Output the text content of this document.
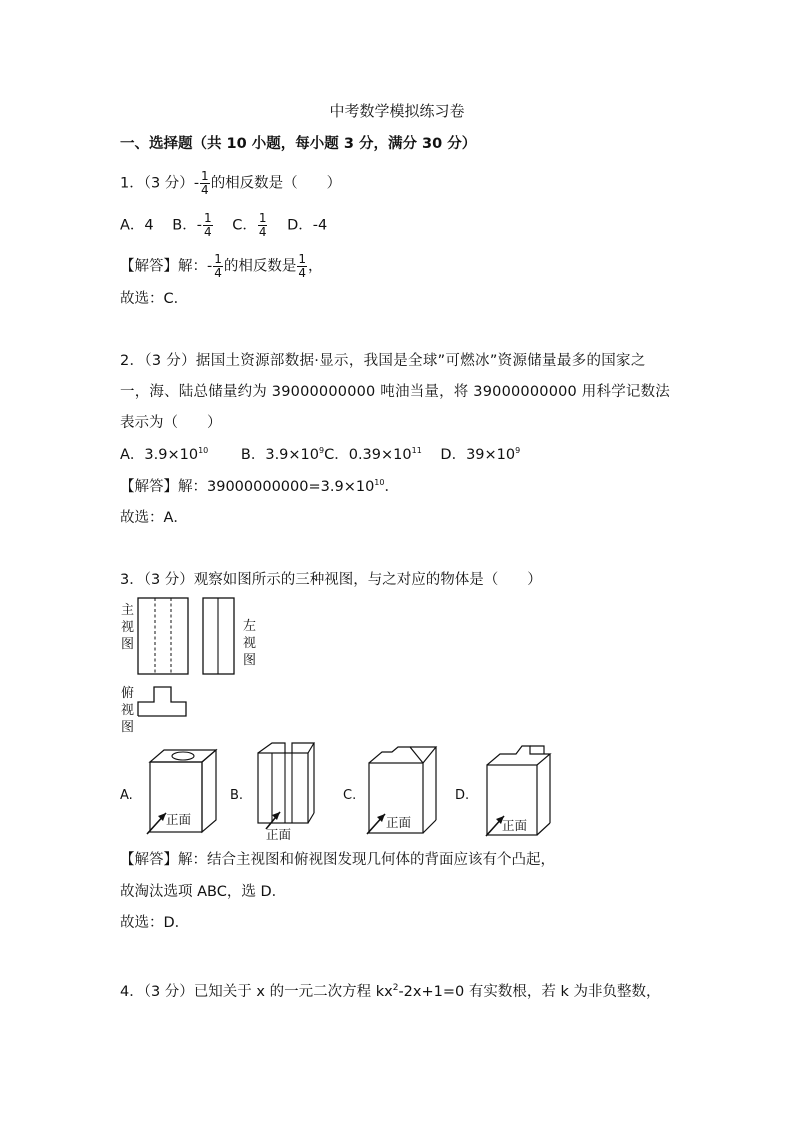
中考数学模拟练习卷
一、选择题（共 10 小题，每小题 3 分，满分 30 分）
1．（3 分）- $\frac{1}{4}$ 的相反数是（　　）
A．4 B．- $\frac{1}{4}$ C． $\frac{1}{4}$ D．-4
【解答】解：- $\frac{1}{4}$ 的相反数是 $\frac{1}{4}$ ，
故选：C．
2．（3 分）据国土资源部数据·显示，我国是全球”可燃冰”资源储量最多的国家之
一，海、陆总储量约为 39000000000 吨油当量，将 39000000000 用科学记数法
表示为（　　）
A．$3.9\times 10^{10}$ B．$3.9\times 10^9C$．$0.39\times 10^{11}$ D．$39\times 10^9$
【解答】解：$39000000000=3.9\times 10^{10}$．
故选：A．
3．（3 分）观察如图所示的三种视图，与之对应的物体是（　　）
主
视
图
左
视
图
俯
视
图
A.
正面
B.
正面
C.
正面
D.
正面
【解答】解：结合主视图和俯视图发现几何体的背面应该有个凸起，
故淘汰选项 ABC，选 D．
故选：D．
4．（3 分）已知关于 x 的一元二次方程 $kx^2-2x+1=0$ 有实数根，若 k 为非负整数，
